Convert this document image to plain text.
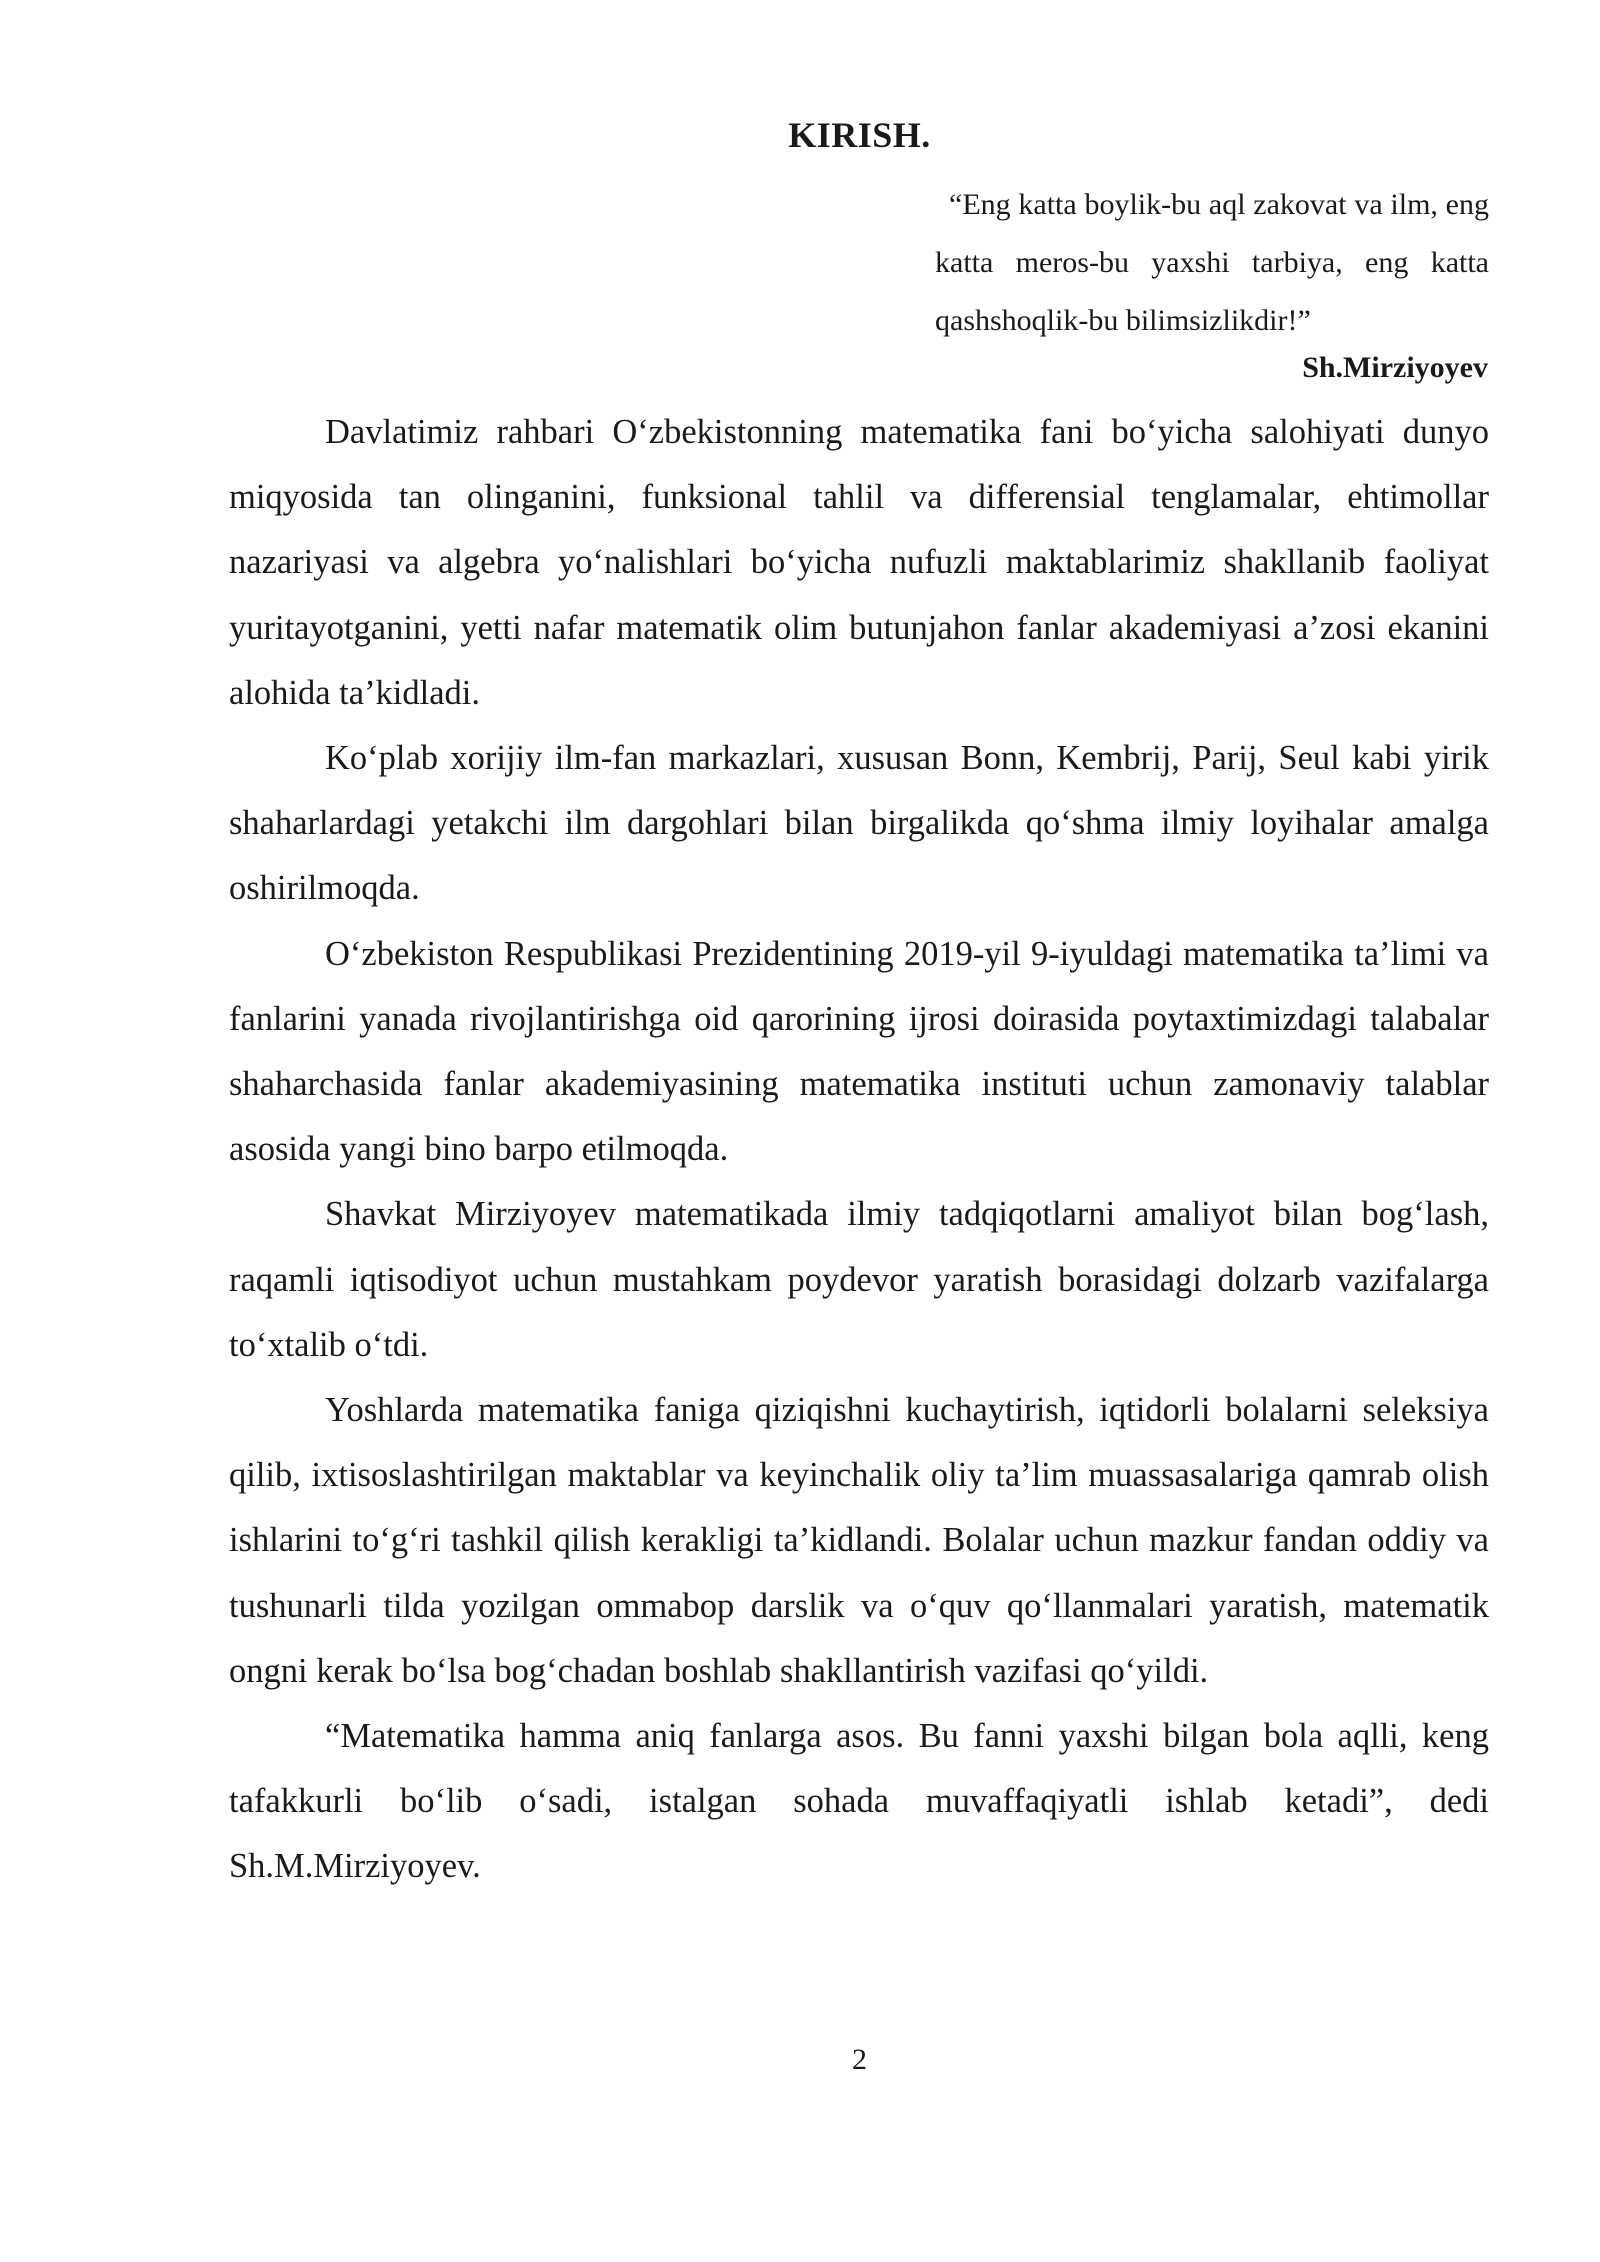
KIRISH.
“Eng katta boylik-bu aql zakovat va ilm, eng katta meros-bu yaxshi tarbiya, eng katta qashshoqlik-bu bilimsizlikdir!”
Sh.Mirziyoyev

Davlatimiz rahbari O‘zbekistonning matematika fani bo‘yicha salohiyati dunyo miqyosida tan olinganini, funksional tahlil va differensial tenglamalar, ehtimollar nazariyasi va algebra yo‘nalishlari bo‘yicha nufuzli maktablarimiz shakllanib faoliyat yuritayotganini, yetti nafar matematik olim butunjahon fanlar akademiyasi a’zosi ekanini alohida ta’kidladi.

Ko‘plab xorijiy ilm-fan markazlari, xususan Bonn, Kembrij, Parij, Seul kabi yirik shaharlardagi yetakchi ilm dargohlari bilan birgalikda qo‘shma ilmiy loyihalar amalga oshirilmoqda.

O‘zbekiston Respublikasi Prezidentining 2019-yil 9-iyuldagi matematika ta’limi va fanlarini yanada rivojlantirishga oid qarorining ijrosi doirasida poytaxtimizdagi talabalar shaharchasida fanlar akademiyasining matematika instituti uchun zamonaviy talablar asosida yangi bino barpo etilmoqda.

Shavkat Mirziyoyev matematikada ilmiy tadqiqotlarni amaliyot bilan bog‘lash, raqamli iqtisodiyot uchun mustahkam poydevor yaratish borasidagi dolzarb vazifalarga to‘xtalib o‘tdi.

Yoshlarda matematika faniga qiziqishni kuchaytirish, iqtidorli bolalarni seleksiya qilib, ixtisoslashtirilgan maktablar va keyinchalik oliy ta’lim muassasalariga qamrab olish ishlarini to‘g‘ri tashkil qilish kerakligi ta’kidlandi. Bolalar uchun mazkur fandan oddiy va tushunarli tilda yozilgan ommabop darslik va o‘quv qo‘llanmalari yaratish, matematik ongni kerak bo‘lsa bog‘chadan boshlab shakllantirish vazifasi qo‘yildi.

“Matematika hamma aniq fanlarga asos. Bu fanni yaxshi bilgan bola aqlli, keng tafakkurli bo‘lib o‘sadi, istalgan sohada muvaffaqiyatli ishlab ketadi”, dedi Sh.M.Mirziyoyev.

2
